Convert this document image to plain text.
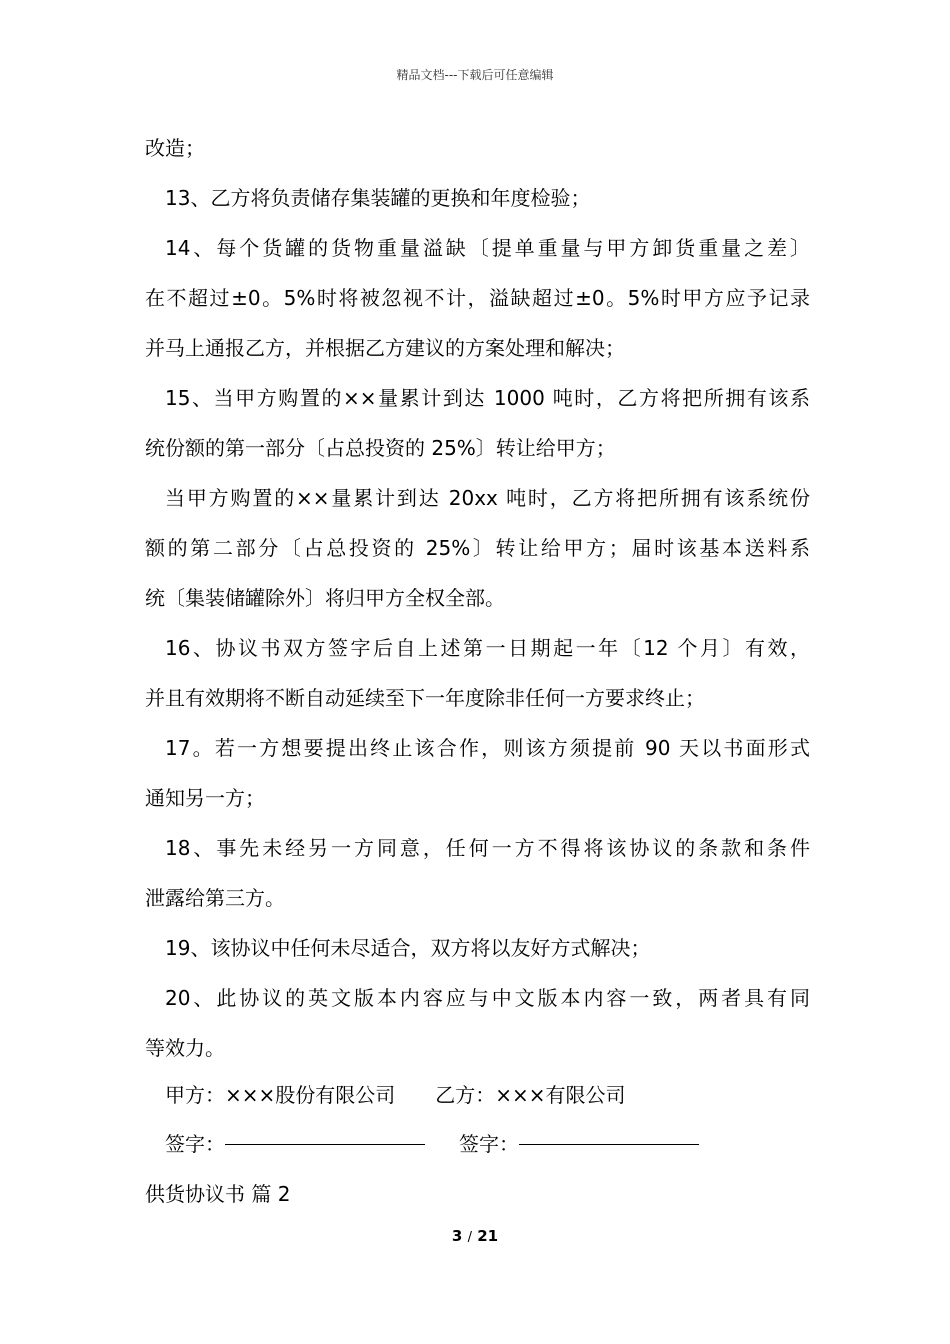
精品文档---下载后可任意编辑
改造；
13、乙方将负责储存集装罐的更换和年度检验；
14、每个货罐的货物重量溢缺〔提单重量与甲方卸货重量之差〕
在不超过±0。5%时将被忽视不计，溢缺超过±0。5%时甲方应予记录
并马上通报乙方，并根据乙方建议的方案处理和解决；
15、当甲方购置的××量累计到达 1000 吨时，乙方将把所拥有该系
统份额的第一部分〔占总投资的 25%〕转让给甲方；
当甲方购置的××量累计到达 20xx 吨时，乙方将把所拥有该系统份
额的第二部分〔占总投资的 25%〕转让给甲方；届时该基本送料系
统〔集装储罐除外〕将归甲方全权全部。
16、协议书双方签字后自上述第一日期起一年〔12 个月〕有效，
并且有效期将不断自动延续至下一年度除非任何一方要求终止；
17。若一方想要提出终止该合作，则该方须提前 90 天以书面形式
通知另一方；
18、事先未经另一方同意，任何一方不得将该协议的条款和条件
泄露给第三方。
19、该协议中任何未尽适合，双方将以友好方式解决；
20、此协议的英文版本内容应与中文版本内容一致，两者具有同
等效力。
甲方：×××股份有限公司 乙方：×××有限公司
签字：	签字：
供货协议书 篇 2
3 / 21
